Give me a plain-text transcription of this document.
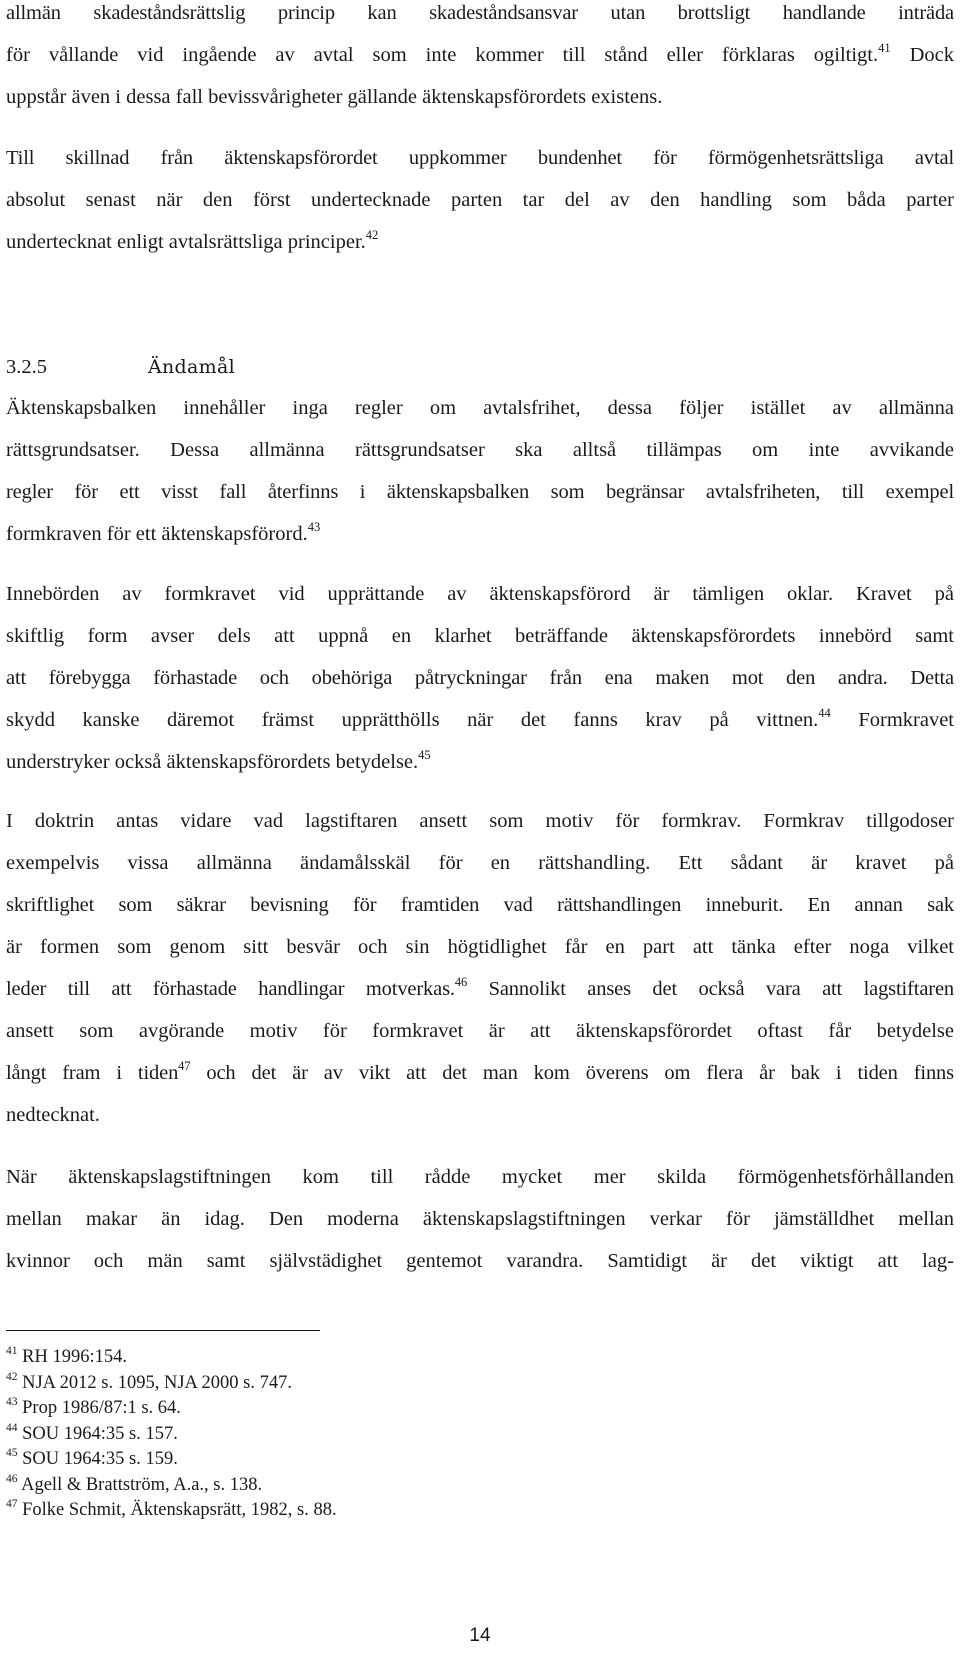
allmän skadeståndsrättslig princip kan skadeståndsansvar utan brottsligt handlande inträda
för vållande vid ingående av avtal som inte kommer till stånd eller förklaras ogiltigt.$^{41}$ Dock
uppstår även i dessa fall bevissvårigheter gällande äktenskapsförordets existens.
Till skillnad från äktenskapsförordet uppkommer bundenhet för förmögenhetsrättsliga avtal
absolut senast när den först undertecknade parten tar del av den handling som båda parter
undertecknat enligt avtalsrättsliga principer.$^{42}$
3.2.5	Ändamål
Äktenskapsbalken innehåller inga regler om avtalsfrihet, dessa följer istället av allmänna
rättsgrundsatser. Dessa allmänna rättsgrundsatser ska alltså tillämpas om inte avvikande
regler för ett visst fall återfinns i äktenskapsbalken som begränsar avtalsfriheten, till exempel
formkraven för ett äktenskapsförord.$^{43}$
Innebörden av formkravet vid upprättande av äktenskapsförord är tämligen oklar. Kravet på
skiftlig form avser dels att uppnå en klarhet beträffande äktenskapsförordets innebörd samt
att förebygga förhastade och obehöriga påtryckningar från ena maken mot den andra. Detta
skydd kanske däremot främst upprätthölls när det fanns krav på vittnen.$^{44}$ Formkravet
understryker också äktenskapsförordets betydelse.$^{45}$
I doktrin antas vidare vad lagstiftaren ansett som motiv för formkrav. Formkrav tillgodoser
exempelvis vissa allmänna ändamålsskäl för en rättshandling. Ett sådant är kravet på
skriftlighet som säkrar bevisning för framtiden vad rättshandlingen inneburit. En annan sak
är formen som genom sitt besvär och sin högtidlighet får en part att tänka efter noga vilket
leder till att förhastade handlingar motverkas.$^{46}$ Sannolikt anses det också vara att lagstiftaren
ansett som avgörande motiv för formkravet är att äktenskapsförordet oftast får betydelse
långt fram i tiden$^{47}$ och det är av vikt att det man kom överens om flera år bak i tiden finns
nedtecknat.
När äktenskapslagstiftningen kom till rådde mycket mer skilda förmögenhetsförhållanden
mellan makar än idag. Den moderna äktenskapslagstiftningen verkar för jämställdhet mellan
kvinnor och män samt självstädighet gentemot varandra. Samtidigt är det viktigt att lag-
$^{41}$ RH 1996:154.
$^{42}$ NJA 2012 s. 1095, NJA 2000 s. 747.
$^{43}$ Prop 1986/87:1 s. 64.
$^{44}$ SOU 1964:35 s. 157.
$^{45}$ SOU 1964:35 s. 159.
$^{46}$ Agell & Brattström, A.a., s. 138.
$^{47}$ Folke Schmit, Äktenskapsrätt, 1982, s. 88.
14
